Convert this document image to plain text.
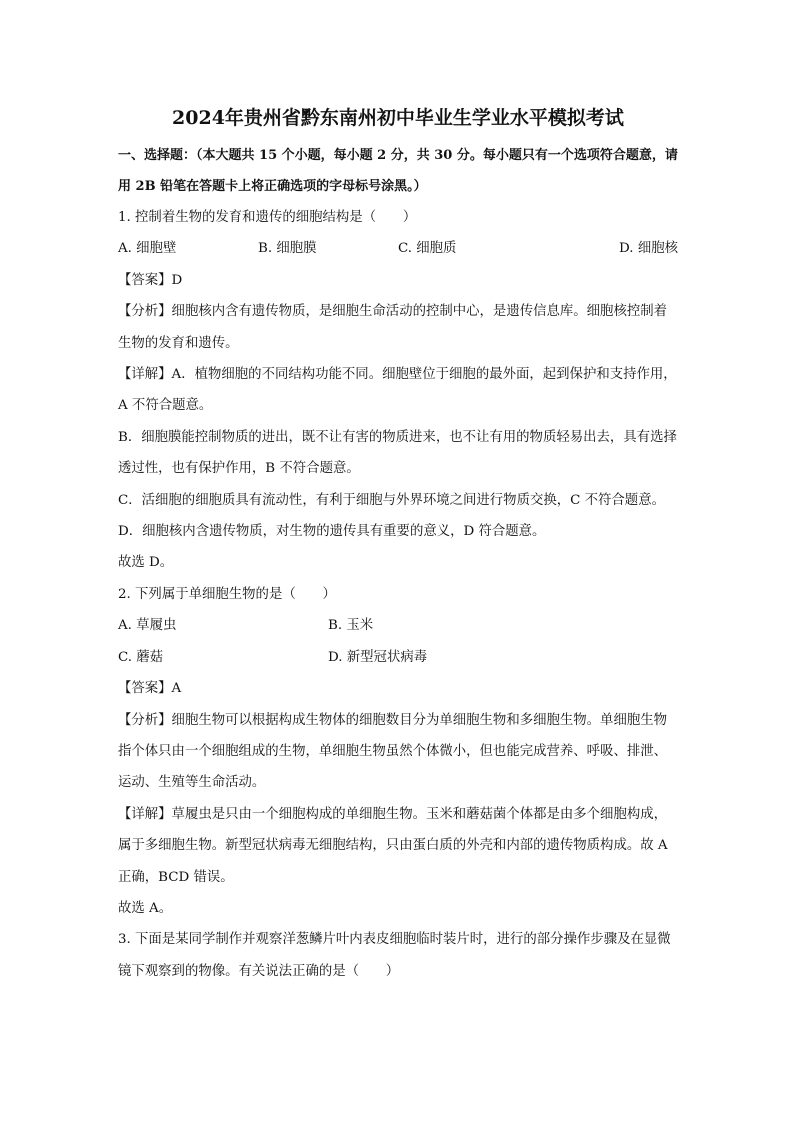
2024年贵州省黔东南州初中毕业生学业水平模拟考试
一、选择题：（本大题共 15 个小题，每小题 2 分，共 30 分。每小题只有一个选项符合题意，请用 2B 铅笔在答题卡上将正确选项的字母标号涂黑。）

1. 控制着生物的发育和遗传的细胞结构是（　　）

A. 细胞壁	B. 细胞膜	C. 细胞质	D. 细胞核

【答案】D

【分析】细胞核内含有遗传物质，是细胞生命活动的控制中心，是遗传信息库。细胞核控制着生物的发育和遗传。

【详解】A．植物细胞的不同结构功能不同。细胞壁位于细胞的最外面，起到保护和支持作用，A 不符合题意。

B．细胞膜能控制物质的进出，既不让有害的物质进来，也不让有用的物质轻易出去，具有选择透过性，也有保护作用，B 不符合题意。

C．活细胞的细胞质具有流动性，有利于细胞与外界环境之间进行物质交换，C 不符合题意。

D．细胞核内含遗传物质，对生物的遗传具有重要的意义，D 符合题意。

故选 D。

2. 下列属于单细胞生物的是（　　）

A. 草履虫	B. 玉米
C. 蘑菇	D. 新型冠状病毒

【答案】A

【分析】细胞生物可以根据构成生物体的细胞数目分为单细胞生物和多细胞生物。单细胞生物指个体只由一个细胞组成的生物，单细胞生物虽然个体微小，但也能完成营养、呼吸、排泄、运动、生殖等生命活动。

【详解】草履虫是只由一个细胞构成的单细胞生物。玉米和蘑菇菌个体都是由多个细胞构成，属于多细胞生物。新型冠状病毒无细胞结构，只由蛋白质的外壳和内部的遗传物质构成。故 A 正确，BCD 错误。

故选 A。

3. 下面是某同学制作并观察洋葱鳞片叶内表皮细胞临时装片时，进行的部分操作步骤及在显微镜下观察到的物像。有关说法正确的是（　　）
